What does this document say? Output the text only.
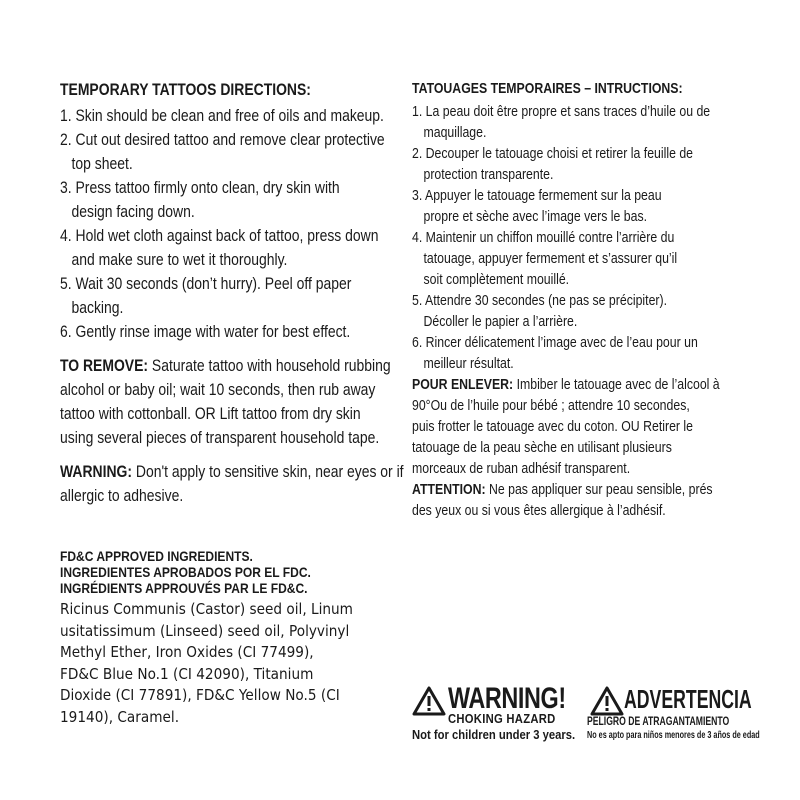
TEMPORARY TATTOOS DIRECTIONS:
1. Skin should be clean and free of oils and makeup.
2. Cut out desired tattoo and remove clear protective
top sheet.
3. Press tattoo firmly onto clean, dry skin with
design facing down.
4. Hold wet cloth against back of tattoo, press down
and make sure to wet it thoroughly.
5. Wait 30 seconds (don’t hurry). Peel off paper
backing.
6. Gently rinse image with water for best effect.
TO REMOVE: Saturate tattoo with household rubbing
alcohol or baby oil; wait 10 seconds, then rub away
tattoo with cottonball. OR Lift tattoo from dry skin
using several pieces of transparent household tape.
WARNING: Don't apply to sensitive skin, near eyes or if
allergic to adhesive.
TATOUAGES TEMPORAIRES – INTRUCTIONS:
1. La peau doit être propre et sans traces d’huile ou de
maquillage.
2. Decouper le tatouage choisi et retirer la feuille de
protection transparente.
3. Appuyer le tatouage fermement sur la peau
propre et sèche avec l’image vers le bas.
4. Maintenir un chiffon mouillé contre l’arrière du
tatouage, appuyer fermement et s’assurer qu’il
soit complètement mouillé.
5. Attendre 30 secondes (ne pas se précipiter).
Décoller le papier a l’arrière.
6. Rincer délicatement l’image avec de l’eau pour un
meilleur résultat.
POUR ENLEVER: Imbiber le tatouage avec de l’alcool à
90°Ou de l’huile pour bébé ; attendre 10 secondes,
puis frotter le tatouage avec du coton. OU Retirer le
tatouage de la peau sèche en utilisant plusieurs
morceaux de ruban adhésif transparent.
ATTENTION: Ne pas appliquer sur peau sensible, prés
des yeux ou si vous êtes allergique à l’adhésif.
FD&C APPROVED INGREDIENTS.
INGREDIENTES APROBADOS POR EL FDC.
INGRÉDIENTS APPROUVÉS PAR LE FD&C.
Ricinus Communis (Castor) seed oil, Linum
usitatissimum (Linseed) seed oil, Polyvinyl
Methyl Ether, Iron Oxides (CI 77499),
FD&C Blue No.1 (CI 42090), Titanium
Dioxide (CI 77891), FD&C Yellow No.5 (CI
19140), Caramel.
WARNING!
CHOKING HAZARD
Not for children under 3 years.
ADVERTENCIA
PELIGRO DE ATRAGANTAMIENTO
No es apto para niños menores de 3 años de edad
